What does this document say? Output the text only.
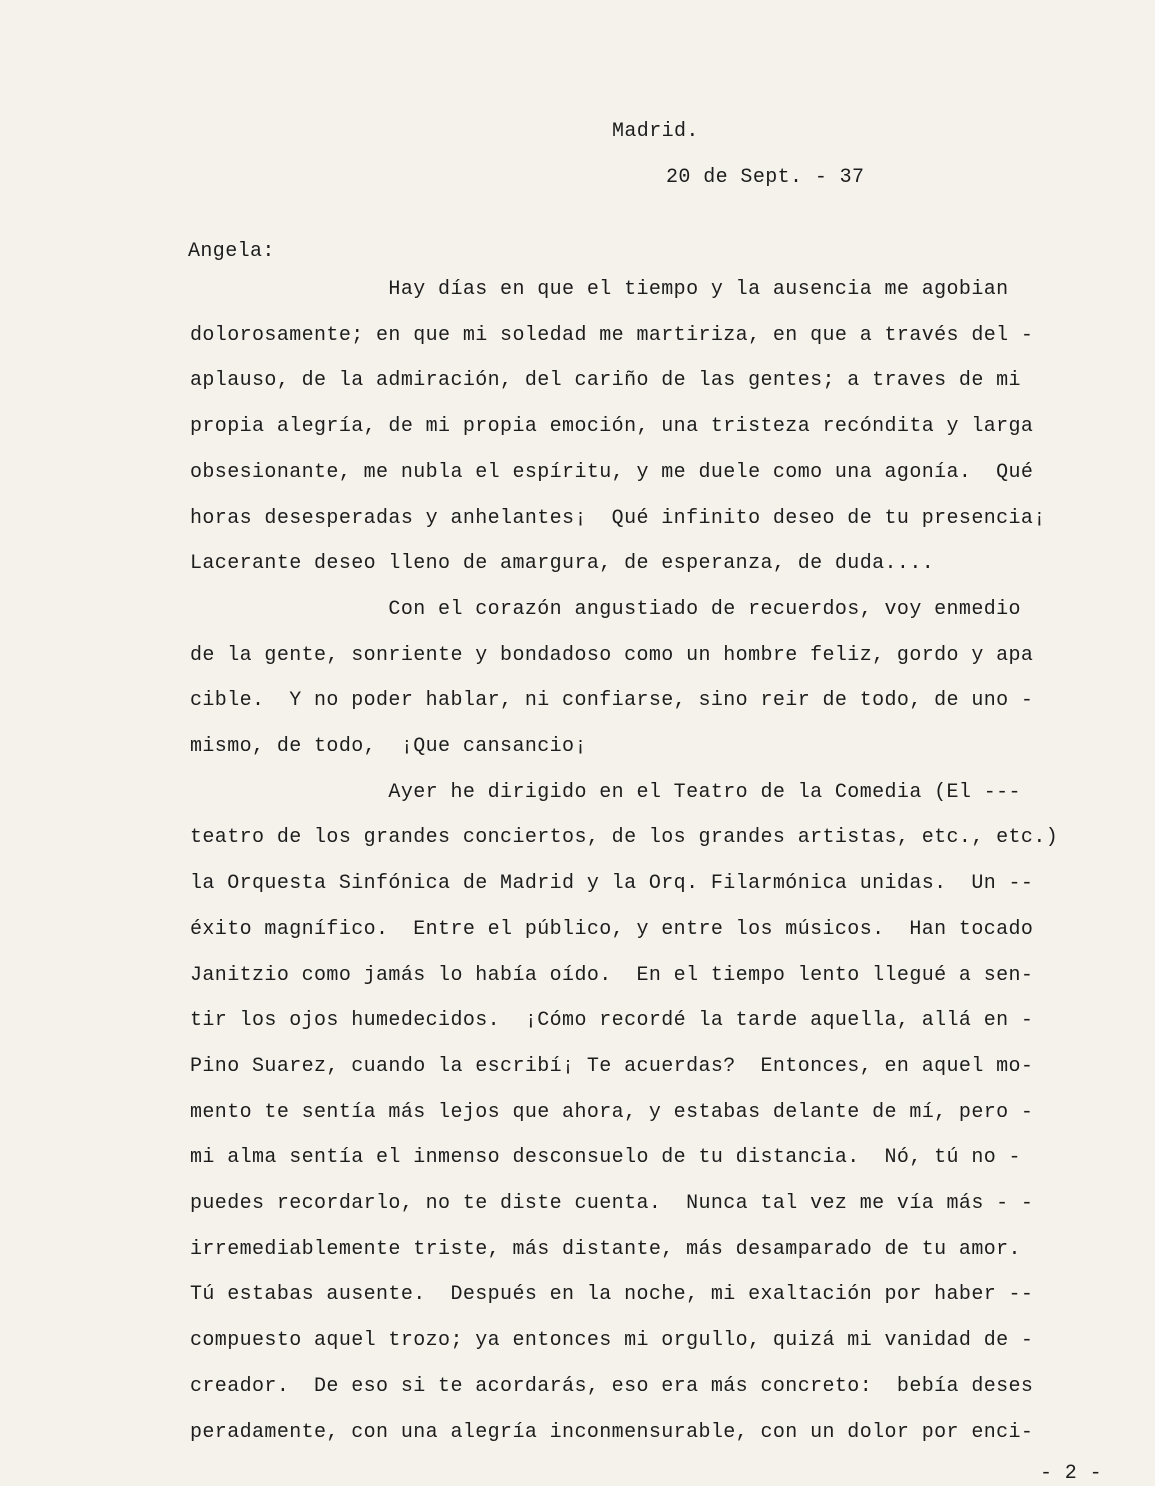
Madrid.
20 de Sept. - 37
Angela:
Hay días en que el tiempo y la ausencia me agobian
dolorosamente; en que mi soledad me martiriza, en que a través del -
aplauso, de la admiración, del cariño de las gentes; a traves de mi
propia alegría, de mi propia emoción, una tristeza recóndita y larga
obsesionante, me nubla el espíritu, y me duele como una agonía.  Qué
horas desesperadas y anhelantes¡  Qué infinito deseo de tu presencia¡
Lacerante deseo lleno de amargura, de esperanza, de duda....
Con el corazón angustiado de recuerdos, voy enmedio
de la gente, sonriente y bondadoso como un hombre feliz, gordo y apa
cible.  Y no poder hablar, ni confiarse, sino reir de todo, de uno -
mismo, de todo,  ¡Que cansancio¡
Ayer he dirigido en el Teatro de la Comedia (El ---
teatro de los grandes conciertos, de los grandes artistas, etc., etc.)
la Orquesta Sinfónica de Madrid y la Orq. Filarmónica unidas.  Un --
éxito magnífico.  Entre el público, y entre los músicos.  Han tocado
Janitzio como jamás lo había oído.  En el tiempo lento llegué a sen-
tir los ojos humedecidos.  ¡Cómo recordé la tarde aquella, allá en -
Pino Suarez, cuando la escribí¡ Te acuerdas?  Entonces, en aquel mo-
mento te sentía más lejos que ahora, y estabas delante de mí, pero -
mi alma sentía el inmenso desconsuelo de tu distancia.  Nó, tú no -
puedes recordarlo, no te diste cuenta.  Nunca tal vez me vía más - -
irremediablemente triste, más distante, más desamparado de tu amor.
Tú estabas ausente.  Después en la noche, mi exaltación por haber --
compuesto aquel trozo; ya entonces mi orgullo, quizá mi vanidad de -
creador.  De eso si te acordarás, eso era más concreto:  bebía deses
peradamente, con una alegría inconmensurable, con un dolor por enci-
- 2 -
